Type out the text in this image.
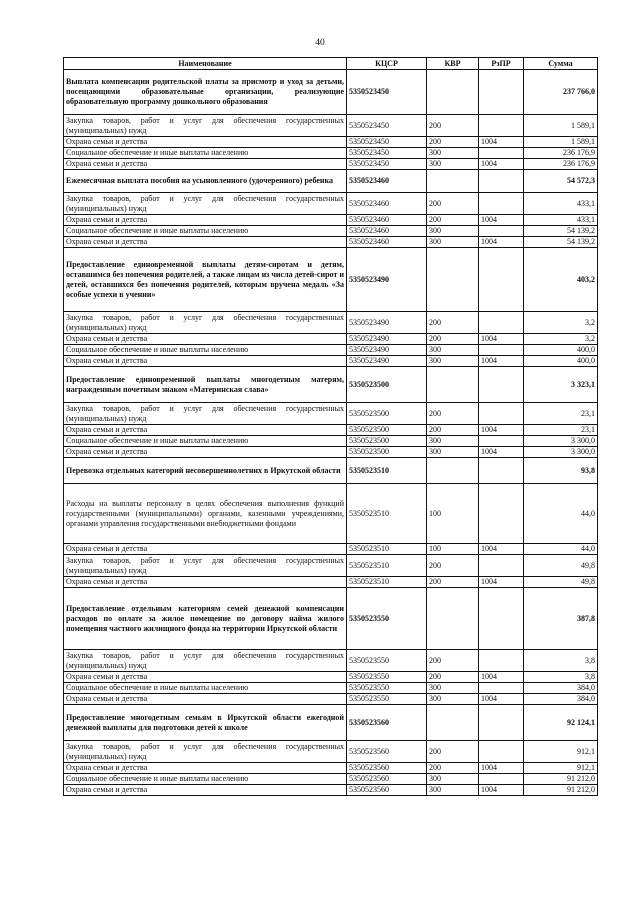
40
Наименование	КЦСР	КВР	РзПР	Сумма
Выплата компенсации родительской платы за присмотр и уход за детьми, посещающими образовательные организации, реализующие образовательную программу дошкольного образования	5350523450			237 766,0
Закупка товаров, работ и услуг для обеспечения государственных (муниципальных) нужд	5350523450	200		1 589,1
Охрана семьи и детства	5350523450	200	1004	1 589,1
Социальное обеспечение и иные выплаты населению	5350523450	300		236 176,9
Охрана семьи и детства	5350523450	300	1004	236 176,9
Ежемесячная выплата пособия на усыновленного (удочеренного) ребенка	5350523460			54 572,3
Закупка товаров, работ и услуг для обеспечения государственных (муниципальных) нужд	5350523460	200		433,1
Охрана семьи и детства	5350523460	200	1004	433,1
Социальное обеспечение и иные выплаты населению	5350523460	300		54 139,2
Охрана семьи и детства	5350523460	300	1004	54 139,2
Предоставление единовременной выплаты детям-сиротам и детям, оставшимся без попечения родителей, а также лицам из числа детей-сирот и детей, оставшихся без попечения родителей, которым вручена медаль «За особые успехи в учении»	5350523490			403,2
Закупка товаров, работ и услуг для обеспечения государственных (муниципальных) нужд	5350523490	200		3,2
Охрана семьи и детства	5350523490	200	1004	3,2
Социальное обеспечение и иные выплаты населению	5350523490	300		400,0
Охрана семьи и детства	5350523490	300	1004	400,0
Предоставление единовременной выплаты многодетным матерям, награжденным почетным знаком «Материнская слава»	5350523500			3 323,1
Закупка товаров, работ и услуг для обеспечения государственных (муниципальных) нужд	5350523500	200		23,1
Охрана семьи и детства	5350523500	200	1004	23,1
Социальное обеспечение и иные выплаты населению	5350523500	300		3 300,0
Охрана семьи и детства	5350523500	300	1004	3 300,0
Перевозка отдельных категорий несовершеннолетних в Иркутской области	5350523510			93,8
Расходы на выплаты персоналу в целях обеспечения выполнения функций государственными (муниципальными) органами, казенными учреждениями, органами управления государственными внебюджетными фондами	5350523510	100		44,0
Охрана семьи и детства	5350523510	100	1004	44,0
Закупка товаров, работ и услуг для обеспечения государственных (муниципальных) нужд	5350523510	200		49,8
Охрана семьи и детства	5350523510	200	1004	49,8
Предоставление отдельным категориям семей денежной компенсации расходов по оплате за жилое помещение по договору найма жилого помещения частного жилищного фонда на территории Иркутской области	5350523550			387,8
Закупка товаров, работ и услуг для обеспечения государственных (муниципальных) нужд	5350523550	200		3,8
Охрана семьи и детства	5350523550	200	1004	3,8
Социальное обеспечение и иные выплаты населению	5350523550	300		384,0
Охрана семьи и детства	5350523550	300	1004	384,0
Предоставление многодетным семьям в Иркутской области ежегодной денежной выплаты для подготовки детей к школе	5350523560			92 124,1
Закупка товаров, работ и услуг для обеспечения государственных (муниципальных) нужд	5350523560	200		912,1
Охрана семьи и детства	5350523560	200	1004	912,1
Социальное обеспечение и иные выплаты населению	5350523560	300		91 212,0
Охрана семьи и детства	5350523560	300	1004	91 212,0
